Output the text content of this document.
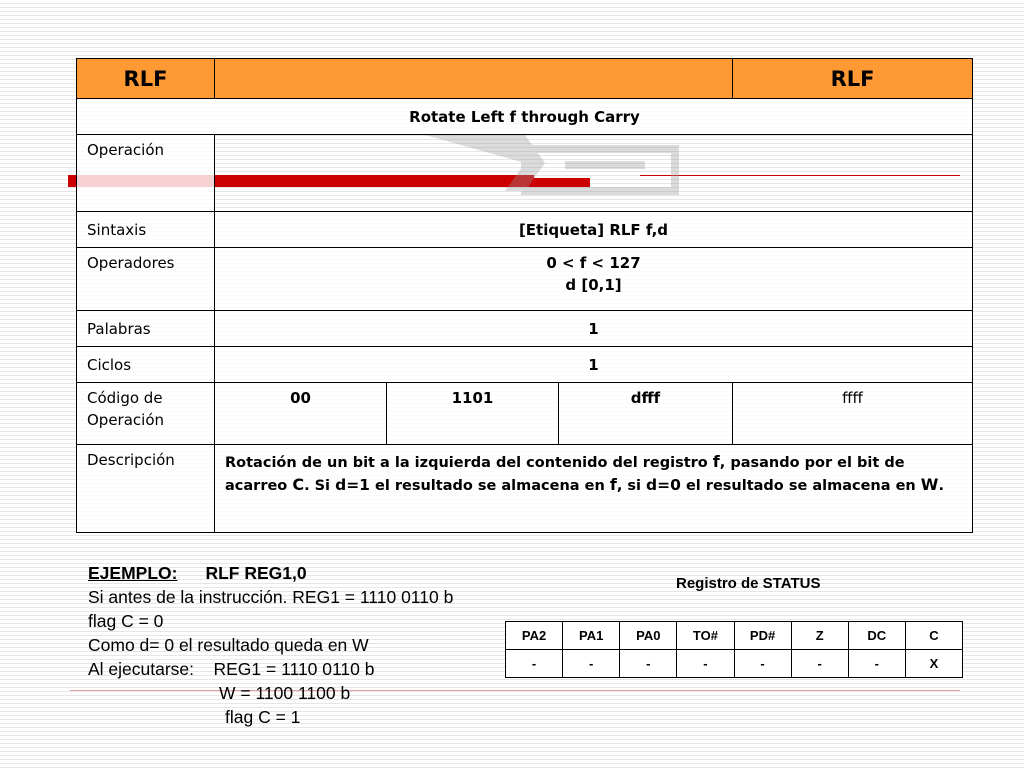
RLF				RLF
Rotate Left f through Carry				
Operación	

Sintaxis	[Etiqueta] RLF f,d			
Operadores	0 < f < 127
d [0,1]			

Palabras	1			
Ciclos	1			

Código de
Operación	00	1101	dfff	ffff
Descripción	Rotación de un bit a la izquierda del contenido del registro f, pasando por el bit de acarreo C. Si d=1 el resultado se almacena en f, si d=0 el resultado se almacena en W.			
EJEMPLO: RLF REG1,0
Si antes de la instrucción. REG1 = 1110 0110 b
flag C = 0
Como d= 0 el resultado queda en W
Al ejecutarse:    REG1 = 1110 0110 b
W = 1100 1100 b
flag C = 1
Registro de STATUS
PA2	PA1	PA0	TO#	PD#	Z	DC	C
-	-	-	-	-	-	-	X
